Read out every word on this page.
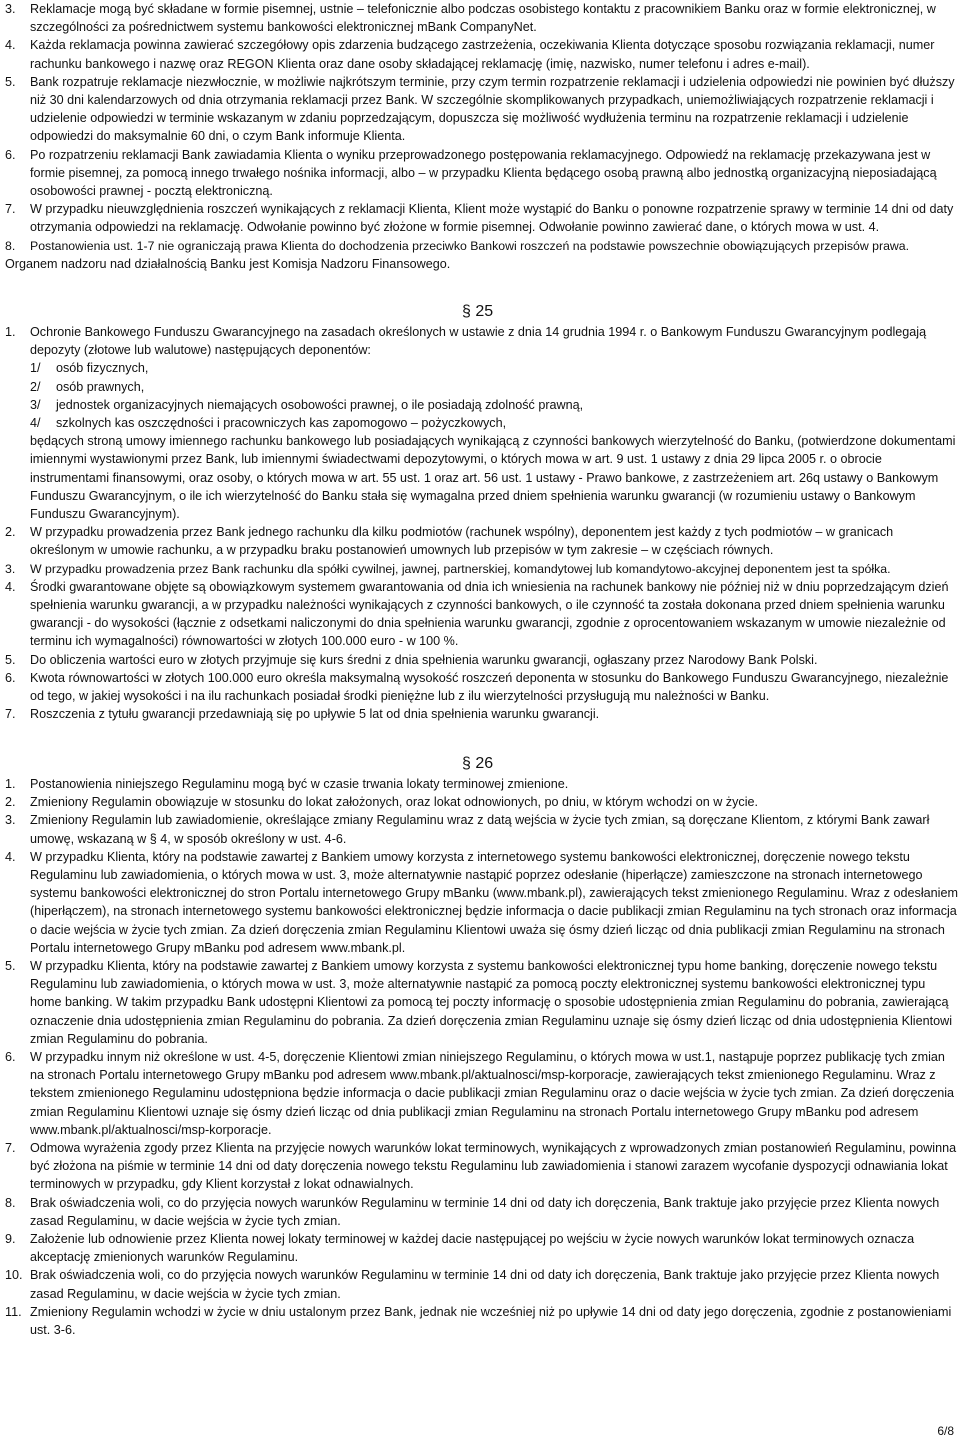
3. Reklamacje mogą być składane w formie pisemnej, ustnie – telefonicznie albo podczas osobistego kontaktu z pracownikiem Banku oraz w formie elektronicznej, w szczególności za pośrednictwem systemu bankowości elektronicznej mBank CompanyNet.
4. Każda reklamacja powinna zawierać szczegółowy opis zdarzenia budzącego zastrzeżenia, oczekiwania Klienta dotyczące sposobu rozwiązania reklamacji, numer rachunku bankowego i nazwę oraz REGON Klienta oraz dane osoby składającej reklamację (imię, nazwisko, numer telefonu i adres e-mail).
5. Bank rozpatruje reklamacje niezwłocznie, w możliwie najkrótszym terminie, przy czym termin rozpatrzenie reklamacji i udzielenia odpowiedzi nie powinien być dłuższy niż 30 dni kalendarzowych od dnia otrzymania reklamacji przez Bank. W szczególnie skomplikowanych przypadkach, uniemożliwiających rozpatrzenie reklamacji i udzielenie odpowiedzi w terminie wskazanym w zdaniu poprzedzającym, dopuszcza się możliwość wydłużenia terminu na rozpatrzenie reklamacji i udzielenie odpowiedzi do maksymalnie 60 dni, o czym Bank informuje Klienta.
6. Po rozpatrzeniu reklamacji Bank zawiadamia Klienta o wyniku przeprowadzonego postępowania reklamacyjnego. Odpowiedź na reklamację przekazywana jest w formie pisemnej, za pomocą innego trwałego nośnika informacji, albo – w przypadku Klienta będącego osobą prawną albo jednostką organizacyjną nieposiadającą osobowości prawnej - pocztą elektroniczną.
7. W przypadku nieuwzględnienia roszczeń wynikających z reklamacji Klienta, Klient może wystąpić do Banku o ponowne rozpatrzenie sprawy w terminie 14 dni od daty otrzymania odpowiedzi na reklamację. Odwołanie powinno być złożone w formie pisemnej. Odwołanie powinno zawierać dane, o których mowa w ust. 4.
8. Postanowienia ust. 1-7 nie ograniczają prawa Klienta do dochodzenia przeciwko Bankowi roszczeń na podstawie powszechnie obowiązujących przepisów prawa.
Organem nadzoru nad działalnością Banku jest Komisja Nadzoru Finansowego.
§ 25
1. Ochronie Bankowego Funduszu Gwarancyjnego na zasadach określonych w ustawie z dnia 14 grudnia 1994 r. o Bankowym Funduszu Gwarancyjnym podlegają depozyty (złotowe lub walutowe) następujących deponentów:
1/ osób fizycznych,
2/ osób prawnych,
3/ jednostek organizacyjnych niemających osobowości prawnej, o ile posiadają zdolność prawną,
4/ szkolnych kas oszczędności i pracowniczych kas zapomogowo – pożyczkowych,
będących stroną umowy imiennego rachunku bankowego lub posiadających wynikającą z czynności bankowych wierzytelność do Banku, (potwierdzone dokumentami imiennymi wystawionymi przez Bank, lub imiennymi świadectwami depozytowymi, o których mowa w art. 9 ust. 1 ustawy z dnia 29 lipca 2005 r. o obrocie instrumentami finansowymi, oraz osoby, o których mowa w art. 55 ust. 1 oraz art. 56 ust. 1 ustawy - Prawo bankowe, z zastrzeżeniem art. 26q ustawy o Bankowym Funduszu Gwarancyjnym, o ile ich wierzytelność do Banku stała się wymagalna przed dniem spełnienia warunku gwarancji (w rozumieniu ustawy o Bankowym Funduszu Gwarancyjnym).
2. W przypadku prowadzenia przez Bank jednego rachunku dla kilku podmiotów (rachunek wspólny), deponentem jest każdy z tych podmiotów – w granicach określonym w umowie rachunku, a w przypadku braku postanowień umownych lub przepisów w tym zakresie – w częściach równych.
3. W przypadku prowadzenia przez Bank rachunku dla spółki cywilnej, jawnej, partnerskiej, komandytowej lub komandytowo-akcyjnej deponentem jest ta spółka.
4. Środki gwarantowane objęte są obowiązkowym systemem gwarantowania od dnia ich wniesienia na rachunek bankowy nie później niż w dniu poprzedzającym dzień spełnienia warunku gwarancji, a w przypadku należności wynikających z czynności bankowych, o ile czynność ta została dokonana przed dniem spełnienia warunku gwarancji - do wysokości (łącznie z odsetkami naliczonymi do dnia spełnienia warunku gwarancji, zgodnie z oprocentowaniem wskazanym w umowie niezależnie od terminu ich wymagalności) równowartości w złotych 100.000 euro - w 100 %.
5. Do obliczenia wartości euro w złotych przyjmuje się kurs średni z dnia spełnienia warunku gwarancji, ogłaszany przez Narodowy Bank Polski.
6. Kwota równowartości w złotych 100.000 euro określa maksymalną wysokość roszczeń deponenta w stosunku do Bankowego Funduszu Gwarancyjnego, niezależnie od tego, w jakiej wysokości i na ilu rachunkach posiadał środki pieniężne lub z ilu wierzytelności przysługują mu należności w Banku.
7. Roszczenia z tytułu gwarancji przedawniają się po upływie 5 lat od dnia spełnienia warunku gwarancji.
§ 26
1. Postanowienia niniejszego Regulaminu mogą być w czasie trwania lokaty terminowej zmienione.
2. Zmieniony Regulamin obowiązuje w stosunku do lokat założonych, oraz lokat odnowionych, po dniu, w którym wchodzi on w życie.
3. Zmieniony Regulamin lub zawiadomienie, określające zmiany Regulaminu wraz z datą wejścia w życie tych zmian, są doręczane Klientom, z którymi Bank zawarł umowę, wskazaną w § 4, w sposób określony w ust. 4-6.
4. W przypadku Klienta, który na podstawie zawartej z Bankiem umowy korzysta z internetowego systemu bankowości elektronicznej, doręczenie nowego tekstu Regulaminu lub zawiadomienia, o których mowa w ust. 3, może alternatywnie nastąpić poprzez odesłanie (hiperłącze) zamieszczone na stronach internetowego systemu bankowości elektronicznej do stron Portalu internetowego Grupy mBanku (www.mbank.pl), zawierających tekst zmienionego Regulaminu. Wraz z odesłaniem (hiperłączem), na stronach internetowego systemu bankowości elektronicznej będzie informacja o dacie publikacji zmian Regulaminu na tych stronach oraz informacja o dacie wejścia w życie tych zmian. Za dzień doręczenia zmian Regulaminu Klientowi uważa się ósmy dzień licząc od dnia publikacji zmian Regulaminu na stronach Portalu internetowego Grupy mBanku pod adresem www.mbank.pl.
5. W przypadku Klienta, który na podstawie zawartej z Bankiem umowy korzysta z systemu bankowości elektronicznej typu home banking, doręczenie nowego tekstu Regulaminu lub zawiadomienia, o których mowa w ust. 3, może alternatywnie nastąpić za pomocą poczty elektronicznej systemu bankowości elektronicznej typu home banking. W takim przypadku Bank udostępni Klientowi za pomocą tej poczty informację o sposobie udostępnienia zmian Regulaminu do pobrania, zawierającą oznaczenie dnia udostępnienia zmian Regulaminu do pobrania. Za dzień doręczenia zmian Regulaminu uznaje się ósmy dzień licząc od dnia udostępnienia Klientowi zmian Regulaminu do pobrania.
6. W przypadku innym niż określone w ust. 4-5, doręczenie Klientowi zmian niniejszego Regulaminu, o których mowa w ust.1, nastąpuje poprzez publikację tych zmian na stronach Portalu internetowego Grupy mBanku pod adresem www.mbank.pl/aktualnosci/msp-korporacje, zawierających tekst zmienionego Regulaminu. Wraz z tekstem zmienionego Regulaminu udostępniona będzie informacja o dacie publikacji zmian Regulaminu oraz o dacie wejścia w życie tych zmian. Za dzień doręczenia zmian Regulaminu Klientowi uznaje się ósmy dzień licząc od dnia publikacji zmian Regulaminu na stronach Portalu internetowego Grupy mBanku pod adresem www.mbank.pl/aktualnosci/msp-korporacje.
7. Odmowa wyrażenia zgody przez Klienta na przyjęcie nowych warunków lokat terminowych, wynikających z wprowadzonych zmian postanowień Regulaminu, powinna być złożona na piśmie w terminie 14 dni od daty doręczenia nowego tekstu Regulaminu lub zawiadomienia i stanowi zarazem wycofanie dyspozycji odnawiania lokat terminowych w przypadku, gdy Klient korzystał z lokat odnawialnych.
8. Brak oświadczenia woli, co do przyjęcia nowych warunków Regulaminu w terminie 14 dni od daty ich doręczenia, Bank traktuje jako przyjęcie przez Klienta nowych zasad Regulaminu, w dacie wejścia w życie tych zmian.
9. Założenie lub odnowienie przez Klienta nowej lokaty terminowej w każdej dacie następującej po wejściu w życie nowych warunków lokat terminowych oznacza akceptację zmienionych warunków Regulaminu.
10. Brak oświadczenia woli, co do przyjęcia nowych warunków Regulaminu w terminie 14 dni od daty ich doręczenia, Bank traktuje jako przyjęcie przez Klienta nowych zasad Regulaminu, w dacie wejścia w życie tych zmian.
11. Zmieniony Regulamin wchodzi w życie w dniu ustalonym przez Bank, jednak nie wcześniej niż po upływie 14 dni od daty jego doręczenia, zgodnie z postanowieniami ust. 3-6.
6/8
